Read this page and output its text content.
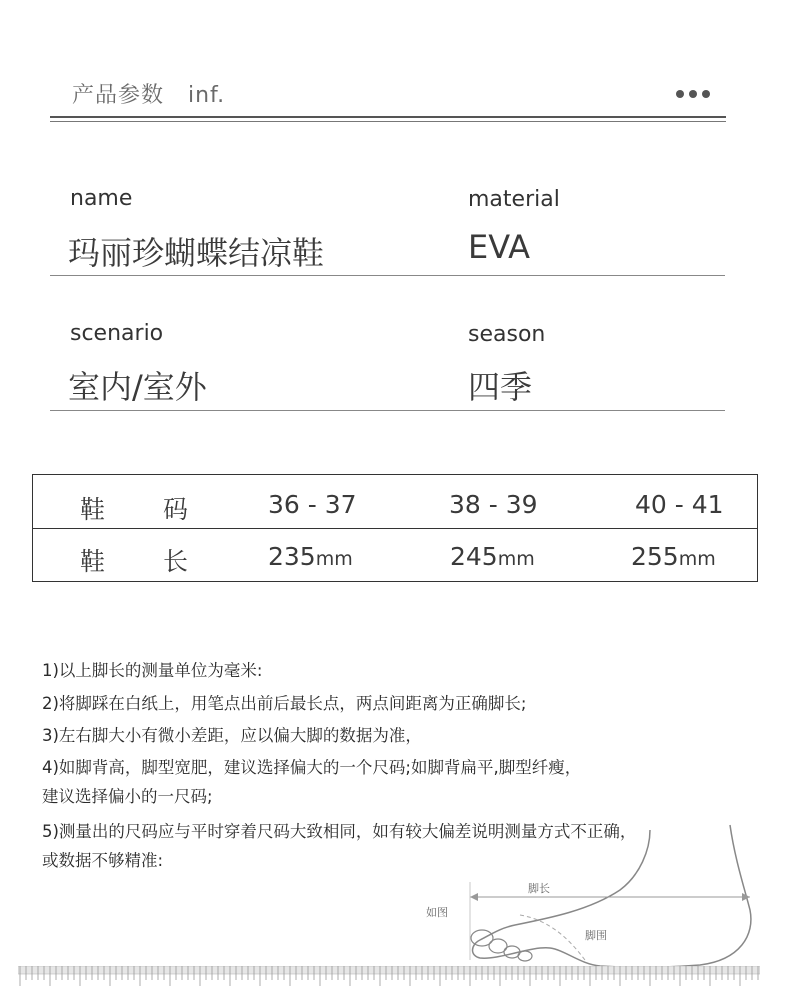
产品参数   inf.
name
玛丽珍蝴蝶结凉鞋
material
EVA
scenario
室内/室外
season
四季
鞋 码	36 - 37	38 - 39	40 - 41
鞋 长	235mm	245mm	255mm
1)以上脚长的测量单位为毫米:
2)将脚踩在白纸上，用笔点出前后最长点，两点间距离为正确脚长;
3)左右脚大小有微小差距，应以偏大脚的数据为准，
4)如脚背高，脚型宽肥，建议选择偏大的一个尺码;如脚背扁平,脚型纤瘦，
建议选择偏小的一尺码;
5)测量出的尺码应与平时穿着尺码大致相同，如有较大偏差说明测量方式不正确，
或数据不够精准:
脚长
如图
脚围
